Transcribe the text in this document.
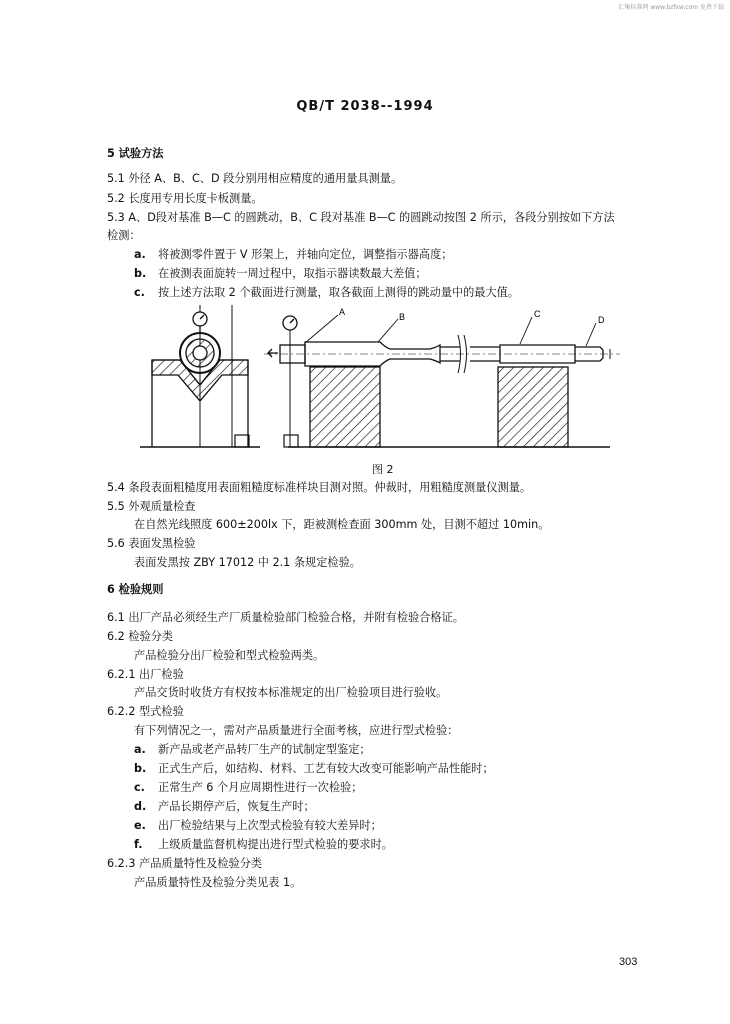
汇集标准网 www.bzfxw.com 免费下载
QB/T 2038--1994
5 试验方法
5.1 外径 A、B、C、D 段分别用相应精度的通用量具测量。
5.2 长度用专用长度卡板测量。
5.3 A、D段对基准 B—C 的圆跳动，B、C 段对基准 B—C 的圆跳动按图 2 所示，各段分别按如下方法
检测：
a. 将被测零件置于 V 形架上，并轴向定位，调整指示器高度；
b. 在被测表面旋转一周过程中，取指示器读数最大差值；
c. 按上述方法取 2 个截面进行测量，取各截面上测得的跳动量中的最大值。
A	B	C
D
图 2
5.4 条段表面粗糙度用表面粗糙度标准样块目测对照。仲裁时，用粗糙度测量仪测量。
5.5 外观质量检查
在自然光线照度 600±200lx 下，距被测检查面 300mm 处，目测不超过 10min。
5.6 表面发黑检验
表面发黑按 ZBY 17012 中 2.1 条规定检验。
6 检验规则
6.1 出厂产品必须经生产厂质量检验部门检验合格，并附有检验合格证。
6.2 检验分类
产品检验分出厂检验和型式检验两类。
6.2.1 出厂检验
产品交货时收货方有权按本标准规定的出厂检验项目进行验收。
6.2.2 型式检验
有下列情况之一，需对产品质量进行全面考核，应进行型式检验：
a. 新产品或老产品转厂生产的试制定型鉴定；
b. 正式生产后，如结构、材料、工艺有较大改变可能影响产品性能时；
c. 正常生产 6 个月应周期性进行一次检验；
d. 产品长期停产后，恢复生产时；
e. 出厂检验结果与上次型式检验有较大差异时；
f. 上级质量监督机构提出进行型式检验的要求时。
6.2.3 产品质量特性及检验分类
产品质量特性及检验分类见表 1。
303
